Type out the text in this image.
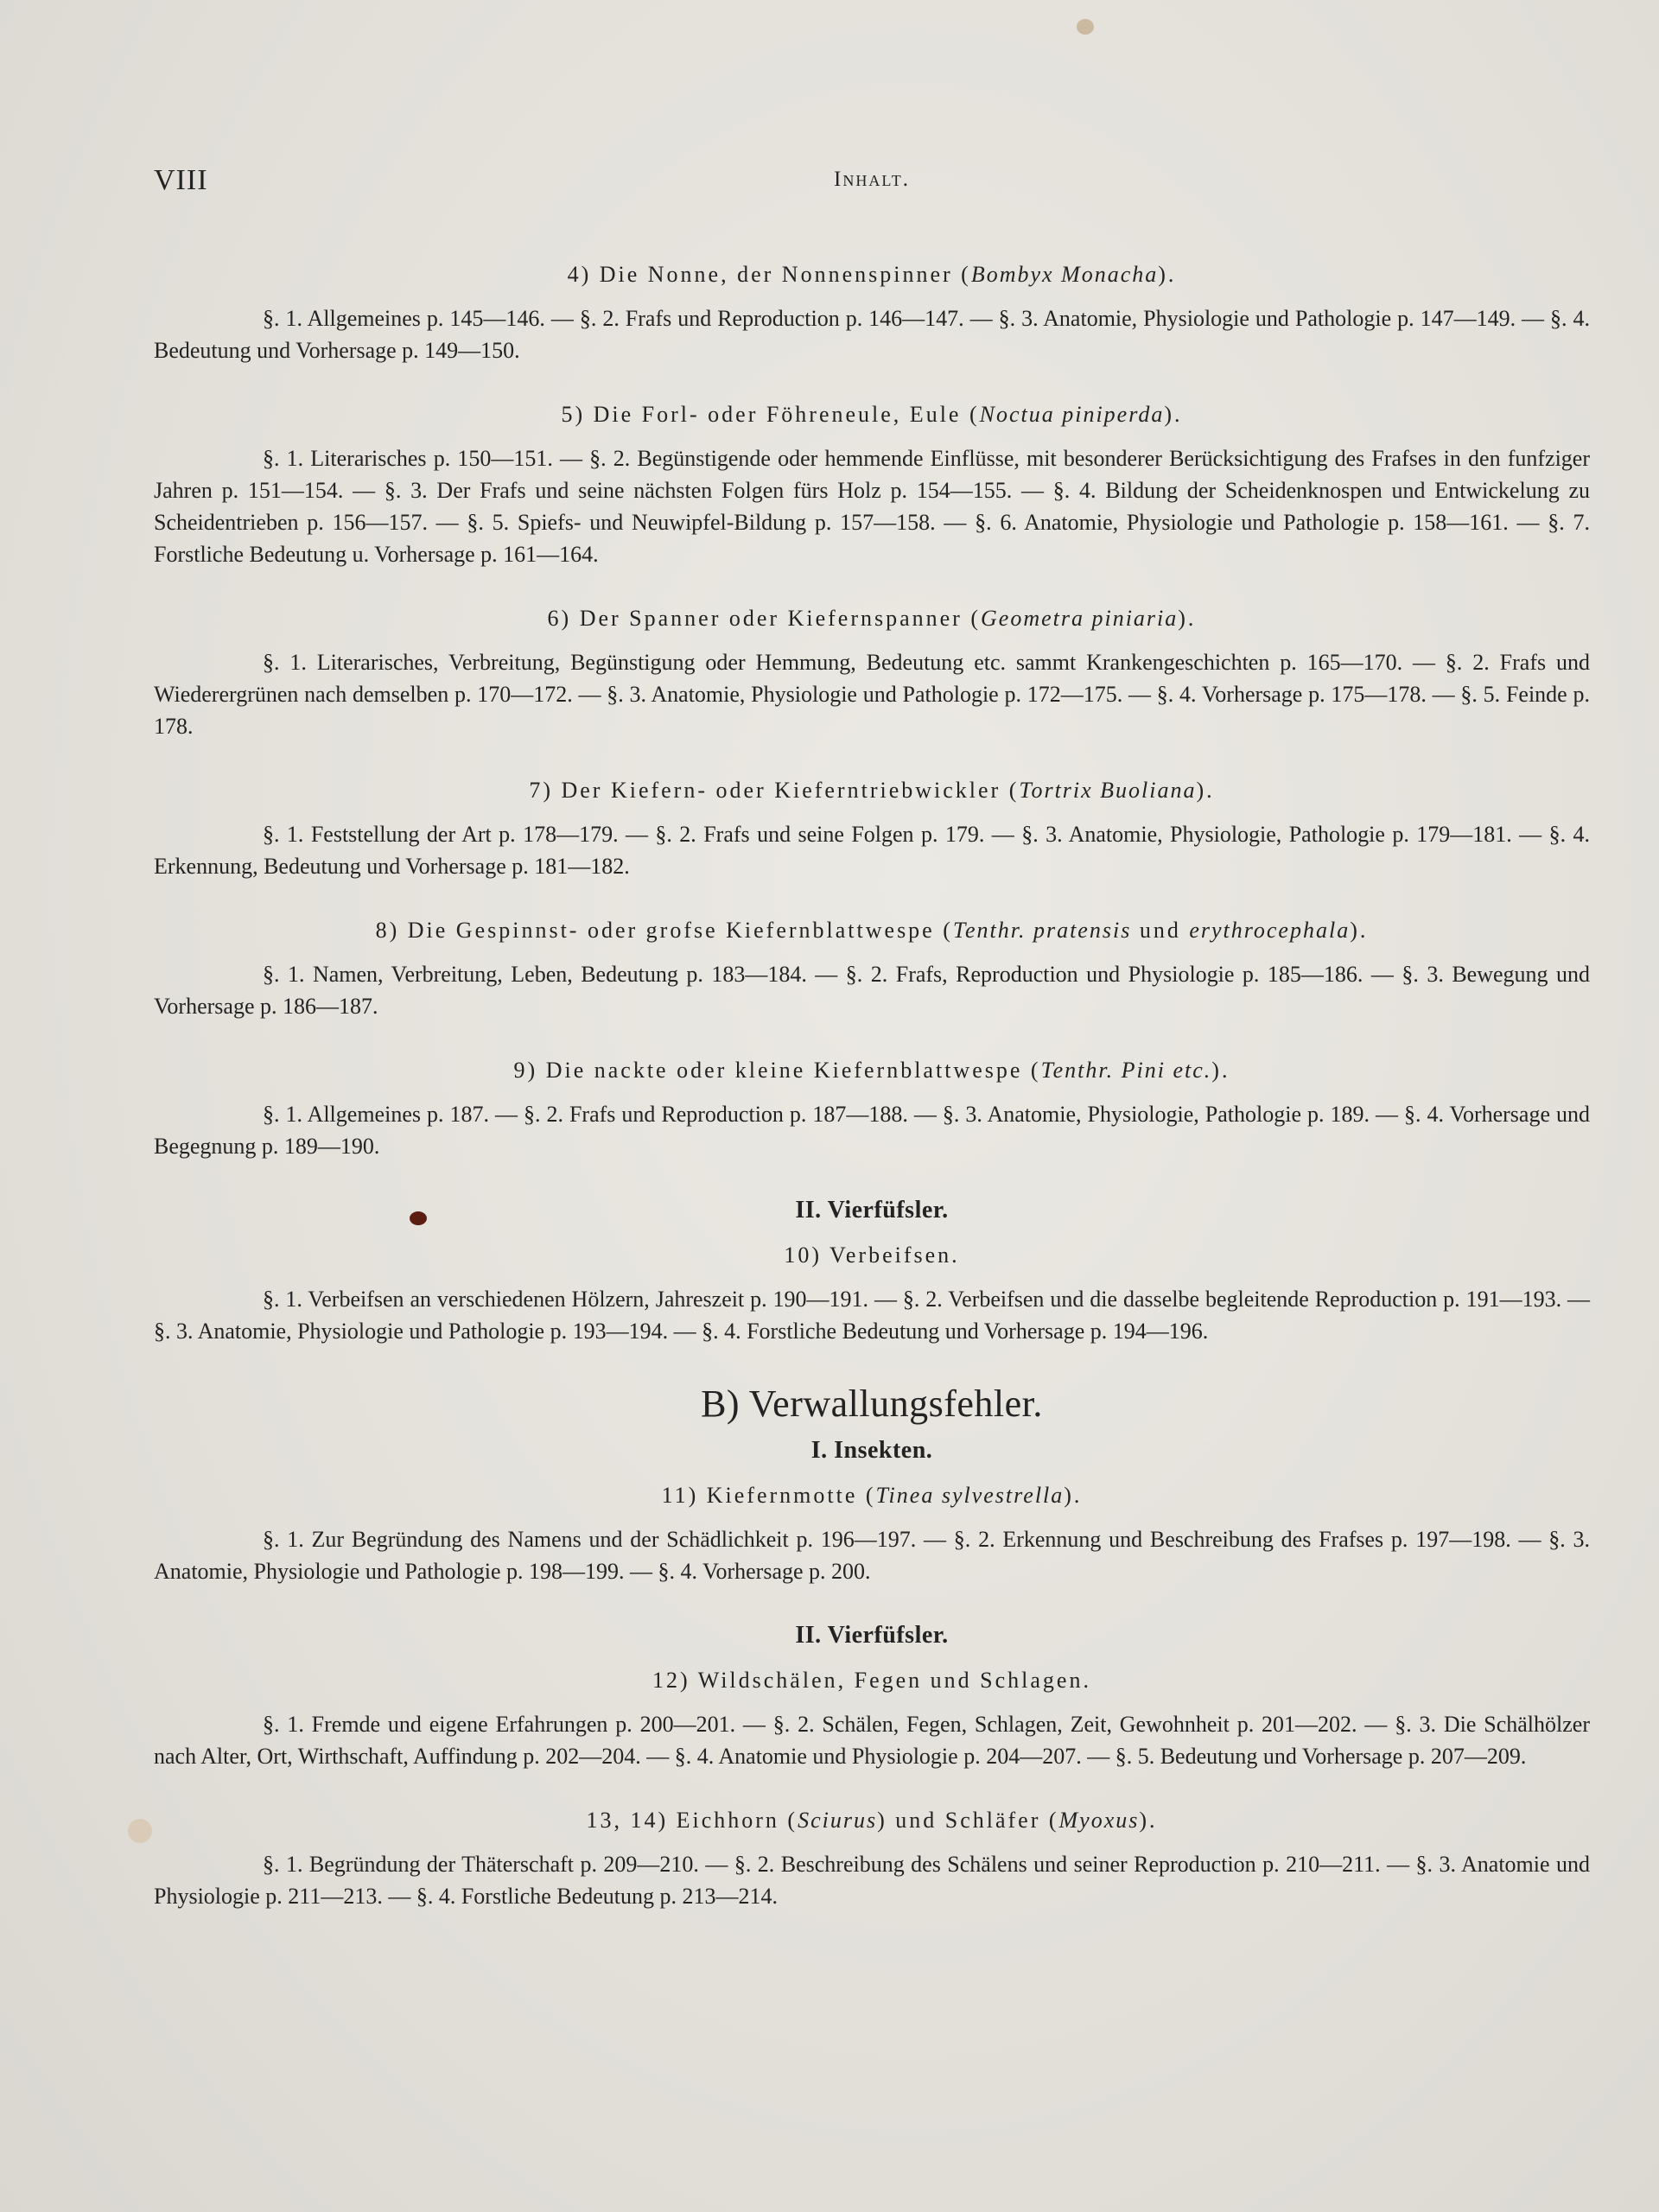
VIII	Inhalt.
4) Die Nonne, der Nonnenspinner (Bombyx Monacha).

§. 1. Allgemeines p. 145—146. — §. 2. Frafs und Reproduction p. 146—147. — §. 3. Anatomie, Physiologie und Pathologie p. 147—149. — §. 4. Bedeutung und Vorhersage p. 149—150.

5) Die Forl- oder Föhreneule, Eule (Noctua piniperda).

§. 1. Literarisches p. 150—151. — §. 2. Begünstigende oder hemmende Einflüsse, mit besonderer Berücksichtigung des Frafses in den funfziger Jahren p. 151—154. — §. 3. Der Frafs und seine nächsten Folgen fürs Holz p. 154—155. — §. 4. Bildung der Scheidenknospen und Entwickelung zu Scheidentrieben p. 156—157. — §. 5. Spiefs- und Neuwipfel-Bildung p. 157—158. — §. 6. Anatomie, Physiologie und Pathologie p. 158—161. — §. 7. Forstliche Bedeutung u. Vorhersage p. 161—164.

6) Der Spanner oder Kiefernspanner (Geometra piniaria).

§. 1. Literarisches, Verbreitung, Begünstigung oder Hemmung, Bedeutung etc. sammt Krankengeschichten p. 165—170. — §. 2. Frafs und Wiederergrünen nach demselben p. 170—172. — §. 3. Anatomie, Physiologie und Pathologie p. 172—175. — §. 4. Vorhersage p. 175—178. — §. 5. Feinde p. 178.

7) Der Kiefern- oder Kieferntriebwickler (Tortrix Buoliana).

§. 1. Feststellung der Art p. 178—179. — §. 2. Frafs und seine Folgen p. 179. — §. 3. Anatomie, Physiologie, Pathologie p. 179—181. — §. 4. Erkennung, Bedeutung und Vorhersage p. 181—182.

8) Die Gespinnst- oder grofse Kiefernblattwespe (Tenthr. pratensis und erythrocephala).

§. 1. Namen, Verbreitung, Leben, Bedeutung p. 183—184. — §. 2. Frafs, Reproduction und Physiologie p. 185—186. — §. 3. Bewegung und Vorhersage p. 186—187.

9) Die nackte oder kleine Kiefernblattwespe (Tenthr. Pini etc.).

§. 1. Allgemeines p. 187. — §. 2. Frafs und Reproduction p. 187—188. — §. 3. Anatomie, Physiologie, Pathologie p. 189. — §. 4. Vorhersage und Begegnung p. 189—190.

II. Vierfüfsler.
10) Verbeifsen.

§. 1. Verbeifsen an verschiedenen Hölzern, Jahreszeit p. 190—191. — §. 2. Verbeifsen und die dasselbe begleitende Reproduction p. 191—193. — §. 3. Anatomie, Physiologie und Pathologie p. 193—194. — §. 4. Forstliche Bedeutung und Vorhersage p. 194—196.

B) Verwallungsfehler.
I. Insekten.
11) Kiefernmotte (Tinea sylvestrella).

§. 1. Zur Begründung des Namens und der Schädlichkeit p. 196—197. — §. 2. Erkennung und Beschreibung des Frafses p. 197—198. — §. 3. Anatomie, Physiologie und Pathologie p. 198—199. — §. 4. Vorhersage p. 200.

II. Vierfüfsler.
12) Wildschälen, Fegen und Schlagen.

§. 1. Fremde und eigene Erfahrungen p. 200—201. — §. 2. Schälen, Fegen, Schlagen, Zeit, Gewohnheit p. 201—202. — §. 3. Die Schälhölzer nach Alter, Ort, Wirthschaft, Auffindung p. 202—204. — §. 4. Anatomie und Physiologie p. 204—207. — §. 5. Bedeutung und Vorhersage p. 207—209.

13, 14) Eichhorn (Sciurus) und Schläfer (Myoxus).

§. 1. Begründung der Thäterschaft p. 209—210. — §. 2. Beschreibung des Schälens und seiner Reproduction p. 210—211. — §. 3. Anatomie und Physiologie p. 211—213. — §. 4. Forstliche Bedeutung p. 213—214.
